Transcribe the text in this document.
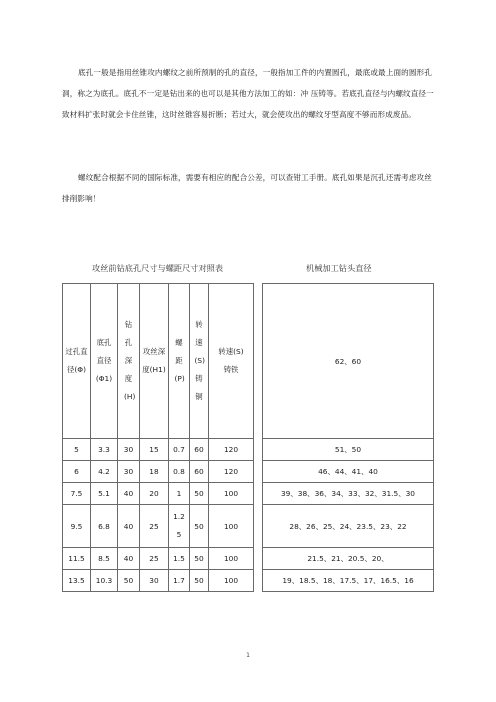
底孔一般是指用丝锥攻内螺纹之前所预制的孔的直径，一般指加工件的内置圆孔，最底或最上面的圆形孔洞，称之为底孔。底孔不一定是钻出来的也可以是其他方法加工的如：冲 压铸等。若底孔直径与内螺纹直径一致材料扩张时就会卡住丝锥，这时丝锥容易折断；若过大，就会使攻出的螺纹牙型高度不够而形成废品。
螺纹配合根据不同的国际标准，需要有相应的配合公差，可以查钳工手册。底孔如果是沉孔还需考虑攻丝排削影响！
攻丝前钻底孔尺寸与螺距尺寸对照表	机械加工钻头直径
过孔直径(Φ)	底孔直径(Φ1)	钻孔深度(H)	攻丝深度(H1)	螺距(P)	转速(S)铸铜	转速(S)铸铁
5	3.3	30	15	0.7	60	120
6	4.2	30	18	0.8	60	120
7.5	5.1	40	20	1	50	100
9.5	6.8	40	25	1.25	50	100
11.5	8.5	40	25	1.5	50	100
13.5	10.3	50	30	1.7	50	100
62、60
51、50
46、44、41、40
39、38、36、34、33、32、31.5、30
28、26、25、24、23.5、23、22
21.5、21、20.5、20、
19、18.5、18、17.5、17、16.5、16
1
